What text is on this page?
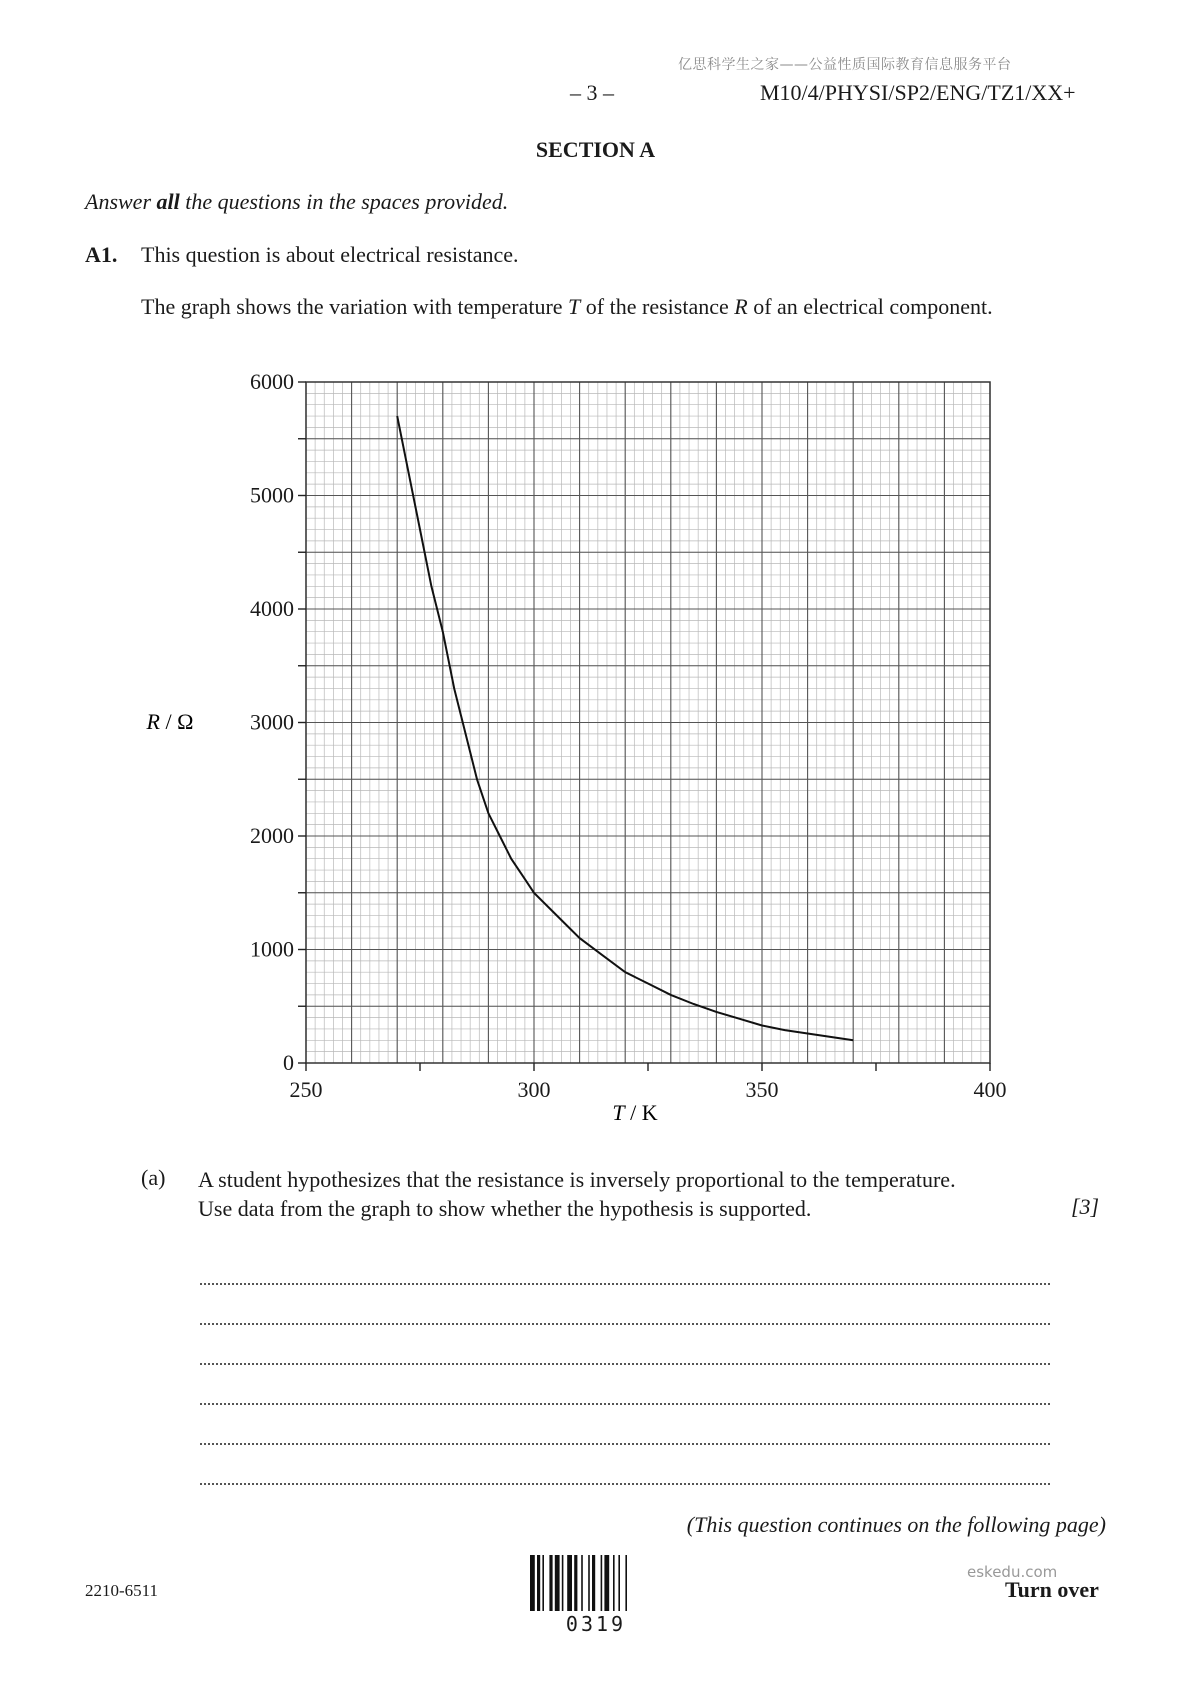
亿思科学生之家——公益性质国际教育信息服务平台
– 3 –	M10/4/PHYSI/SP2/ENG/TZ1/XX+
SECTION A
Answer all the questions in the spaces provided.
A1. This question is about electrical resistance.
The graph shows the variation with temperature T of the resistance R of an electrical component.
0
1000
2000
3000
4000
5000
6000
250	300	350	400
R / Ω
T / K
(a) A student hypothesizes that the resistance is inversely proportional to the temperature.
Use data from the graph to show whether the hypothesis is supported.	[3]
(This question continues on the following page)
2210-6511
0319
eskedu.com
Turn over
